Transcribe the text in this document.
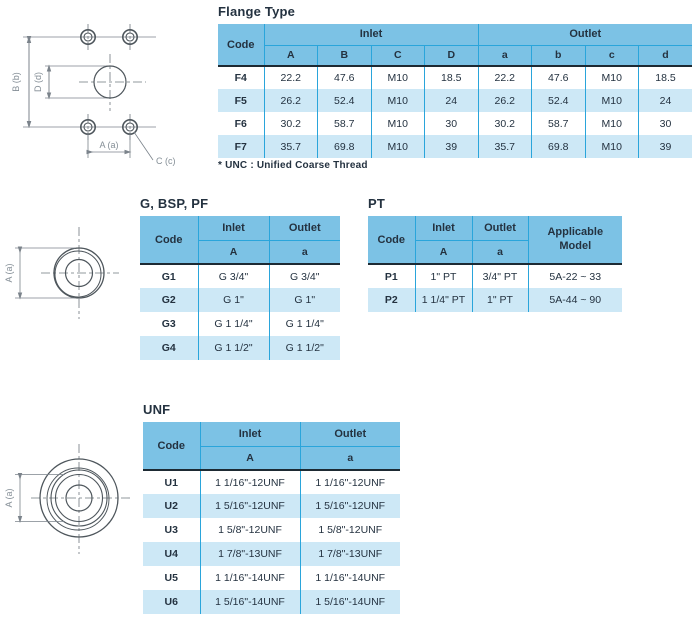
B (b) D (d)
A (a)
C (c)
Flange Type
Code	Inlet				Outlet			
	A	B	C	D	a	b	c	d
F4	22.2	47.6	M10	18.5	22.2	47.6	M10	18.5
F5	26.2	52.4	M10	24	26.2	52.4	M10	24
F6	30.2	58.7	M10	30	30.2	58.7	M10	30
F7	35.7	69.8	M10	39	35.7	69.8	M10	39
* UNC : Unified Coarse Thread
A (a)
G, BSP, PF
Code	Inlet	Outlet
	A	a
G1	G 3/4"	G 3/4"
G2	G 1"	G 1"
G3	G 1 1/4"	G 1 1/4"
G4	G 1 1/2"	G 1 1/2"
PT
Code	Inlet	Outlet	Applicable Model
	A	a	
P1	1" PT	3/4" PT	5A-22 ~ 33
P2	1 1/4" PT	1" PT	5A-44 ~ 90
A (a)
UNF
Code	Inlet	Outlet
	A	a
U1	1 1/16"-12UNF	1 1/16"-12UNF
U2	1 5/16"-12UNF	1 5/16"-12UNF
U3	1 5/8"-12UNF	1 5/8"-12UNF
U4	1 7/8"-13UNF	1 7/8"-13UNF
U5	1 1/16"-14UNF	1 1/16"-14UNF
U6	1 5/16"-14UNF	1 5/16"-14UNF
